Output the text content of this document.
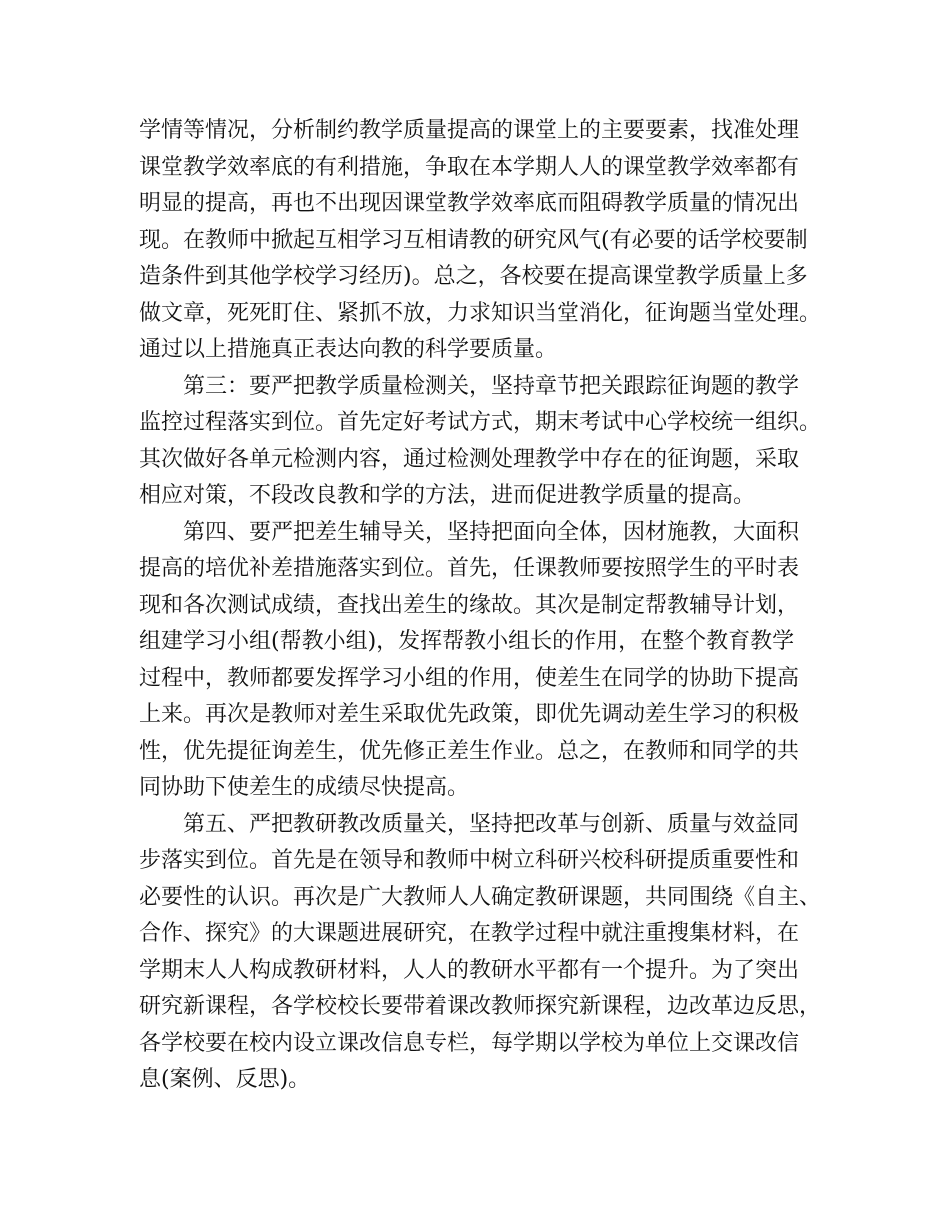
学情等情况，分析制约教学质量提高的课堂上的主要要素，找准处理
课堂教学效率底的有利措施，争取在本学期人人的课堂教学效率都有
明显的提高，再也不出现因课堂教学效率底而阻碍教学质量的情况出
现。在教师中掀起互相学习互相请教的研究风气(有必要的话学校要制
造条件到其他学校学习经历)。总之，各校要在提高课堂教学质量上多
做文章，死死盯住、紧抓不放，力求知识当堂消化，征询题当堂处理。
通过以上措施真正表达向教的科学要质量。
第三：要严把教学质量检测关，坚持章节把关跟踪征询题的教学
监控过程落实到位。首先定好考试方式，期末考试中心学校统一组织。
其次做好各单元检测内容，通过检测处理教学中存在的征询题，采取
相应对策，不段改良教和学的方法，进而促进教学质量的提高。
第四、要严把差生辅导关，坚持把面向全体，因材施教，大面积
提高的培优补差措施落实到位。首先，任课教师要按照学生的平时表
现和各次测试成绩，查找出差生的缘故。其次是制定帮教辅导计划，
组建学习小组(帮教小组)，发挥帮教小组长的作用，在整个教育教学
过程中，教师都要发挥学习小组的作用，使差生在同学的协助下提高
上来。再次是教师对差生采取优先政策，即优先调动差生学习的积极
性，优先提征询差生，优先修正差生作业。总之，在教师和同学的共
同协助下使差生的成绩尽快提高。
第五、严把教研教改质量关，坚持把改革与创新、质量与效益同
步落实到位。首先是在领导和教师中树立科研兴校科研提质重要性和
必要性的认识。再次是广大教师人人确定教研课题，共同围绕《自主、
合作、探究》的大课题进展研究，在教学过程中就注重搜集材料，在
学期末人人构成教研材料，人人的教研水平都有一个提升。为了突出
研究新课程，各学校校长要带着课改教师探究新课程，边改革边反思，
各学校要在校内设立课改信息专栏，每学期以学校为单位上交课改信
息(案例、反思)。
